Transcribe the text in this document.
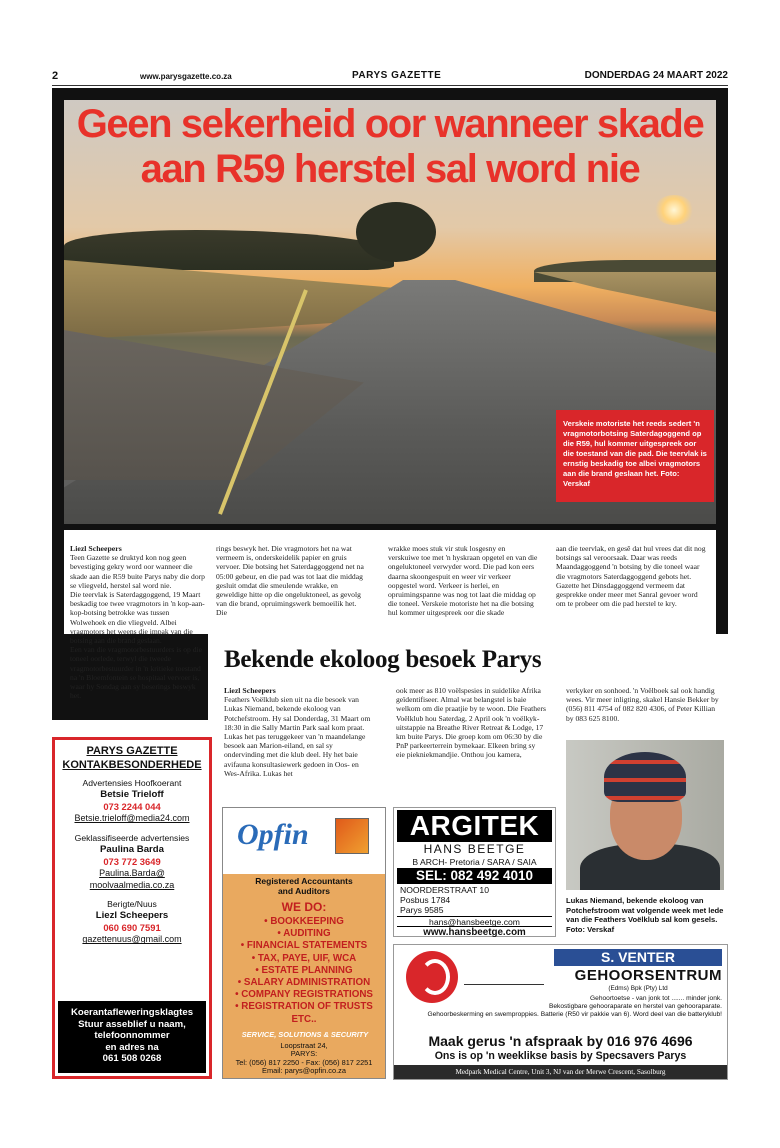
2	www.parysgazette.co.za	PARYS GAZETTE	DONDERDAG 24 MAART 2022
Geen sekerheid oor wanneer skade
aan R59 herstel sal word nie
Verskeie motoriste het reeds sedert 'n vragmotorbotsing Saterdagoggend op die R59, hul kommer uitgespreek oor die toestand van die pad. Die teervlak is ernstig beskadig toe albei vragmotors aan die brand geslaan het. Foto: Verskaf
Liezl Scheepers
Teen Gazette se druktyd kon nog geen bevestiging gekry word oor wanneer die skade aan die R59 buite Parys naby die dorp se vliegveld, herstel sal word nie.
Die teervlak is Saterdaggoggend, 19 Maart beskadig toe twee vragmotors in 'n kop-aan-kop-botsing betrokke was tussen Wolwehoek en die vliegveld. Albei vragmotors het weens die impak van die botsing aan die brand geslaan.
Een van die vragmotorbestuurders is op die toneel oorlede, terwyl die tweede vragmotorbestuurder in 'n kritieke toestand na 'n Bloemfontein se hospitaal vervoer is, waar hy Sondag aan sy beserings beswyk het.
rings beswyk het. Die vragmotors het na wat vermeem is, onderskeidelik papier en gruis vervoer. Die botsing het Saterdaggoggend net na 05:00 gebeur, en die pad was tot laat die middag gesluit omdat die smeulende wrakke, en geweldige hitte op die ongeluktoneel, as gevolg van die brand, opruimingswerk bemoeilik het. Die
wrakke moes stuk vir stuk losgesny en verskuiwe toe met 'n hyskraan opgetel en van die ongeluktoneel verwyder word. Die pad kon eers daarna skoongespuit en weer vir verkeer oopgestel word. Verkeer is herlei, en opruimingspanne was nog tot laat die middag op die toneel. Verskeie motoriste het na die botsing hul kommer uitgespreek oor die skade
aan die teervlak, en gesê dat hul vrees dat dit nog botsings sal veroorsaak. Daar was reeds Maandaggoggend 'n botsing by die toneel waar die vragmotors Saterdaggoggend gebots het. Gazette het Dinsdaggoggend vermeem dat gesprekke onder meer met Sanral gevoer word om te probeer om die pad herstel te kry.
Bekende ekoloog besoek Parys
Liezl Scheepers
Feathers Voëlklub sien uit na die besoek van Lukas Niemand, bekende ekoloog van Potchefstroom. Hy sal Donderdag, 31 Maart om 18:30 in die Sally Martin Park saal kom praat. Lukas het pas teruggekeer van 'n maandelange besoek aan Marion-eiland, en sal sy ondervinding met die klub deel. Hy het baie avifauna konsultasiewerk gedoen in Oos- en Wes-Afrika. Lukas het
ook meer as 810 voëlspesies in suidelike Afrika geïdentifiseer. Almal wat belangstel is baie welkom om die praatjie by te woon. Die Feathers Voëlklub hou Saterdag, 2 April ook 'n voëlkyk-uitstappie na Breathe River Retreat & Lodge, 17 km buite Parys. Die groep kom om 06:30 by die PnP parkeerterrein bymekaar. Elkeen bring sy eie piekniekmandjie. Onthou jou kamera,
verkyker en sonhoed. 'n Voëlboek sal ook handig wees. Vir meer inligting, skakel Hansie Bekker by (056) 811 4754 of 082 820 4306, of Peter Killian by 083 625 8100.
PARYS GAZETTE
KONTAKBESONDERHEDE
Advertensies Hoofkoerant
Betsie Trieloff
073 2244 044
Betsie.trieloff@media24.com
Geklassifiseerde advertensies
Paulina Barda
073 772 3649
Paulina.Barda@
moolvaalmedia.co.za
Berigte/Nuus
Liezl Scheepers
060 690 7591
gazettenuus@gmail.com
Koerantafleweringsklagtes
Stuur asseblief u naam,
telefoonnommer
en adres na
061 508 0268
Opfin
Registered Accountants
and Auditors
WE DO:
• BOOKKEEPING
• AUDITING
• FINANCIAL STATEMENTS
• TAX, PAYE, UIF, WCA
• ESTATE PLANNING
• SALARY ADMINISTRATION
• COMPANY REGISTRATIONS
• REGISTRATION OF TRUSTS
ETC..
SERVICE, SOLUTIONS & SECURITY
Loopstraat 24,
PARYS:
Tel: (056) 817 2250 - Fax: (056) 817 2251
Email: parys@opfin.co.za
ARGITEK
HANS BEETGE
B ARCH- Pretoria / SARA / SAIA
SEL: 082 492 4010
NOORDERSTRAAT 10
Posbus 1784
Parys 9585
hans@hansbeetge.com
www.hansbeetge.com
Lukas Niemand, bekende ekoloog van Potchefstroom wat volgende week met lede van die Feathers Voëlklub sal kom gesels. Foto: Verskaf
S. VENTER
GEHOORSENTRUM
(Edms) Bpk (Pty) Ltd
Gehoortoetse - van jonk tot ....... minder jonk.
Bekostigbare gehooraparate en herstel van gehooraparate.
Gehoorbeskerming en swemproppies. Batterie (R50 vir pakkie van 6). Word deel van die batteryklub!
Maak gerus 'n afspraak by 016 976 4696
Ons is op 'n weeklikse basis by Specsavers Parys
Medpark Medical Centre, Unit 3, NJ van der Merwe Crescent, Sasolburg
